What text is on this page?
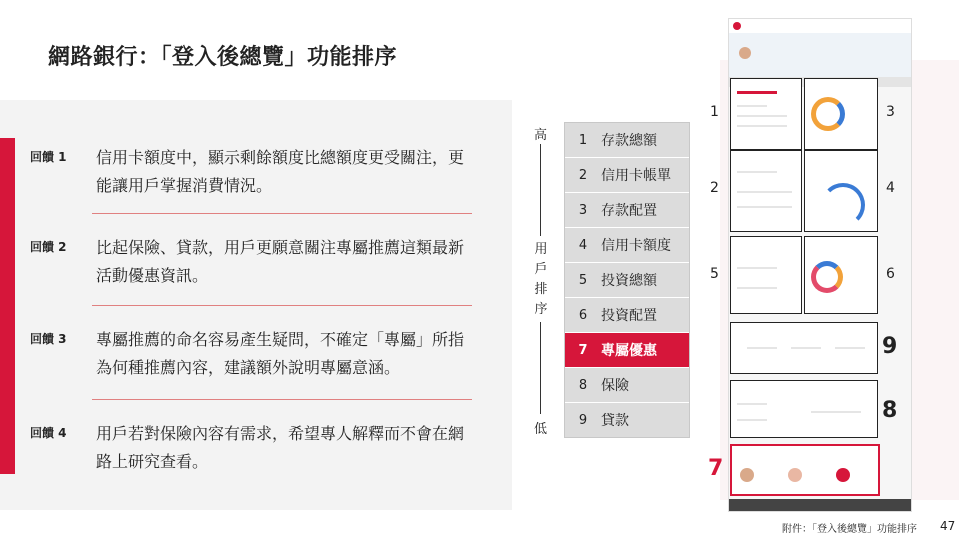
網路銀行：「登入後總覽」功能排序
回饋 1 信用卡額度中，顯示剩餘額度比總額度更受關注，更能讓用戶掌握消費情況。
回饋 2 比起保險、貸款，用戶更願意關注專屬推薦這類最新活動優惠資訊。
回饋 3 專屬推薦的命名容易產生疑問，不確定「專屬」所指為何種推薦內容，建議額外說明專屬意涵。
回饋 4 用戶若對保險內容有需求，希望專人解釋而不會在網路上研究查看。
高
用戶排序
低
1 存款總額
2 信用卡帳單
3 存款配置
4 信用卡額度
5 投資總額
6 投資配置
7 專屬優惠
8 保險
9 貸款
1	3
2	4
5	6
9
8
7
附件：「登入後總覽」功能排序 47
